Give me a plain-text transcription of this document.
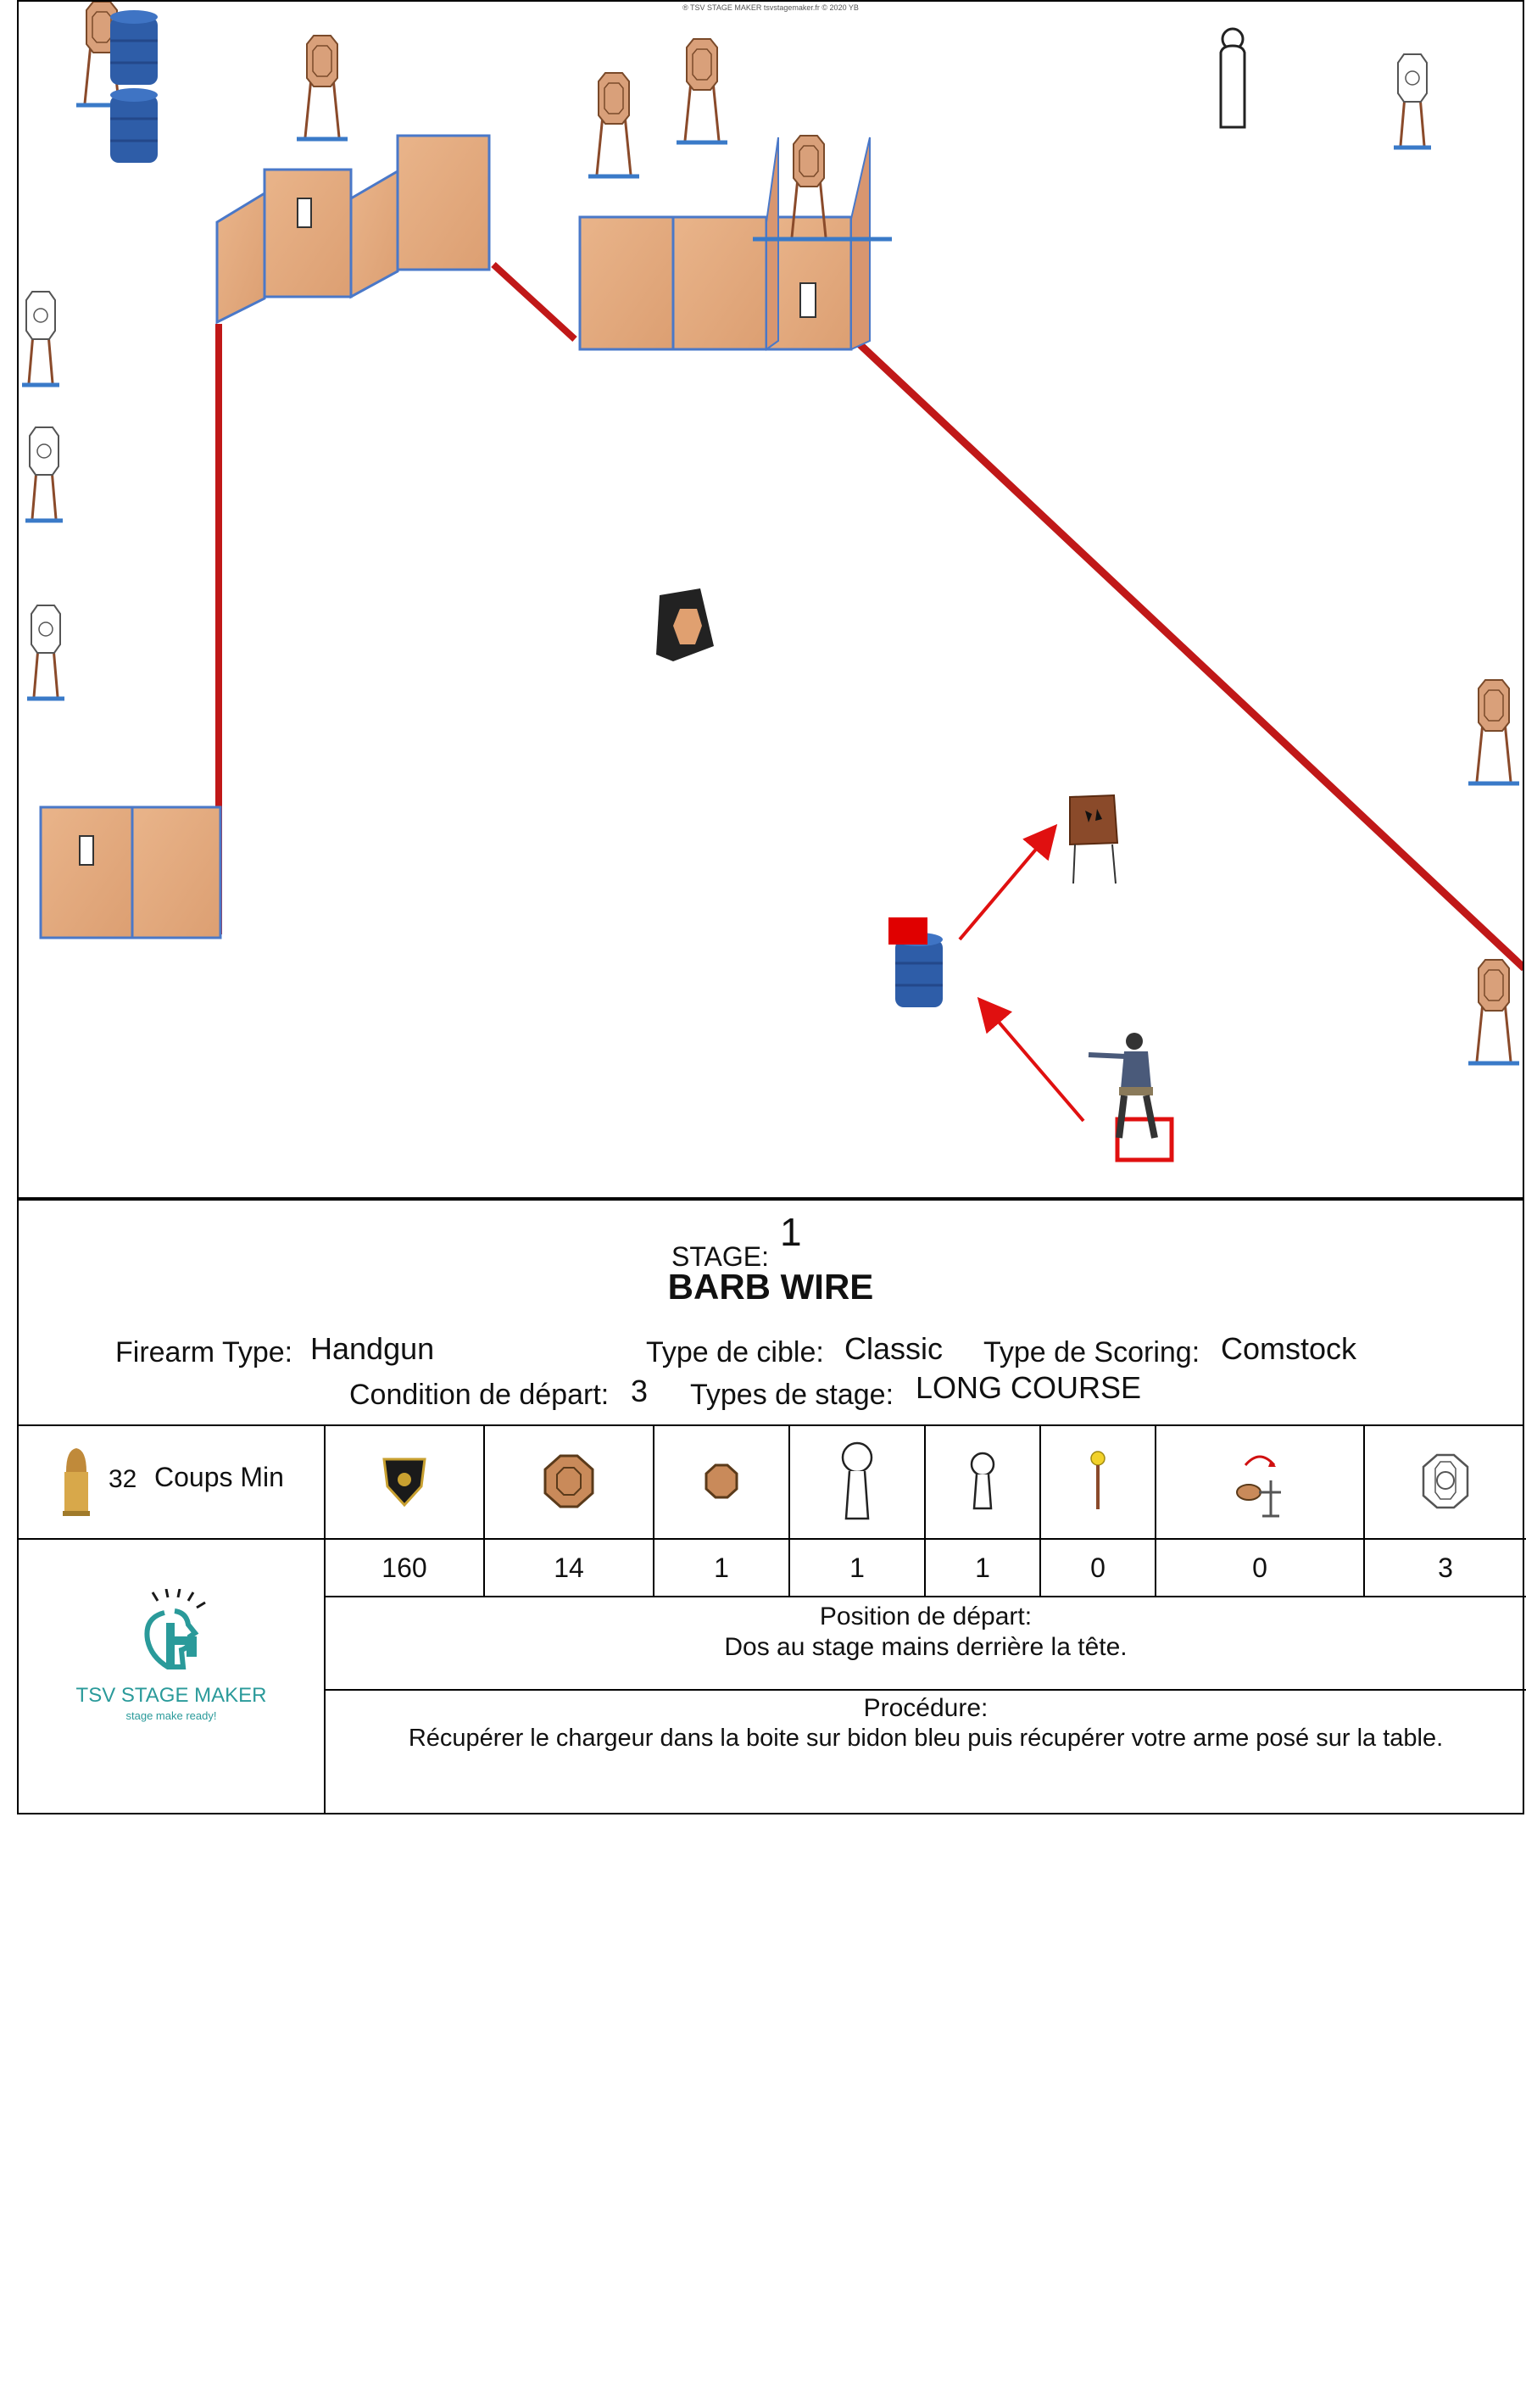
® TSV STAGE MAKER tsvstagemaker.fr © 2020 YB
STAGE:
1
BARB WIRE
Firearm Type: Handgun	Type de cible: Classic Type de Scoring: Comstock
Condition de départ: 3 Types de stage: LONG COURSE
32 Coups Min
160	14	1	1	1	0	0	3
TSV STAGE MAKER
stage make ready!
Position de départ:
Dos au stage mains derrière la tête.
Procédure:
Récupérer le chargeur dans la boite sur bidon bleu puis récupérer votre arme posé sur la table.
